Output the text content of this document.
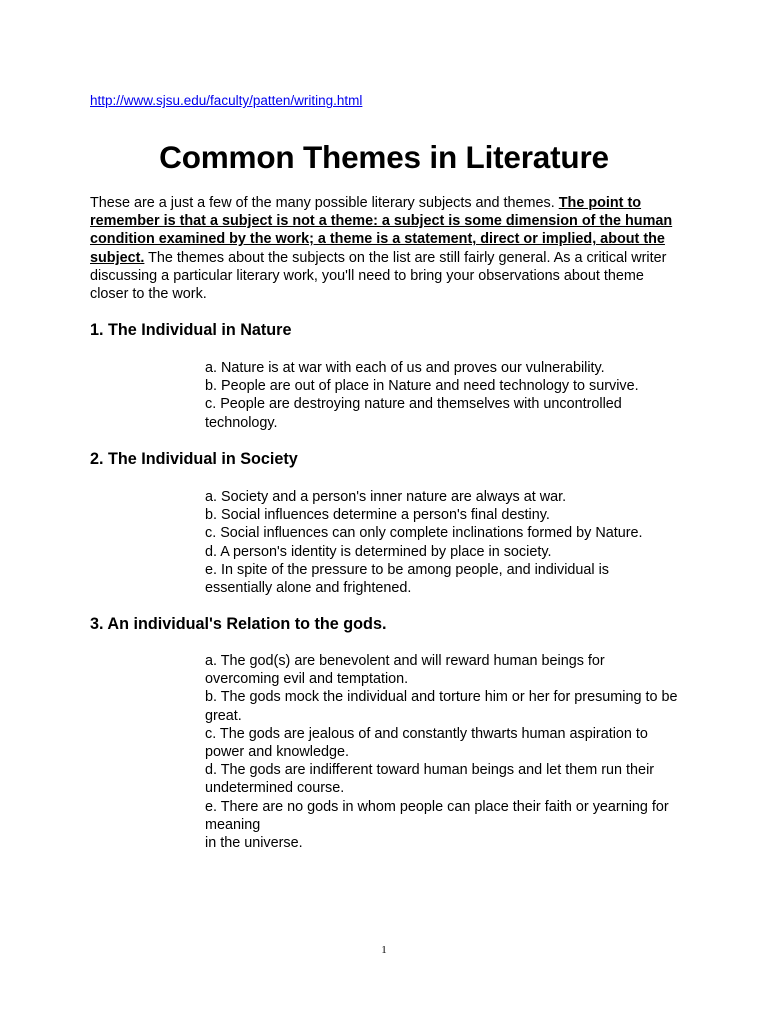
http://www.sjsu.edu/faculty/patten/writing.html
Common Themes in Literature

These are a just a few of the many possible literary subjects and themes. The point to remember is that a subject is not a theme: a subject is some dimension of the human condition examined by the work; a theme is a statement, direct or implied, about the subject. The themes about the subjects on the list are still fairly general. As a critical writer discussing a particular literary work, you'll need to bring your observations about theme closer to the work.

1. The Individual in Nature
a. Nature is at war with each of us and proves our vulnerability.
b. People are out of place in Nature and need technology to survive.
c. People are destroying nature and themselves with uncontrolled technology.
2. The Individual in Society
a. Society and a person's inner nature are always at war.
b. Social influences determine a person's final destiny.
c. Social influences can only complete inclinations formed by Nature.
d. A person's identity is determined by place in society.
e. In spite of the pressure to be among people, and individual is essentially alone and frightened.
3. An individual's Relation to the gods.
a. The god(s) are benevolent and will reward human beings for overcoming evil and temptation.
b. The gods mock the individual and torture him or her for presuming to be great.
c. The gods are jealous of and constantly thwarts human aspiration to power and knowledge.
d. The gods are indifferent toward human beings and let them run their undetermined course.
e. There are no gods in whom people can place their faith or yearning for meaning
in the universe.
1
